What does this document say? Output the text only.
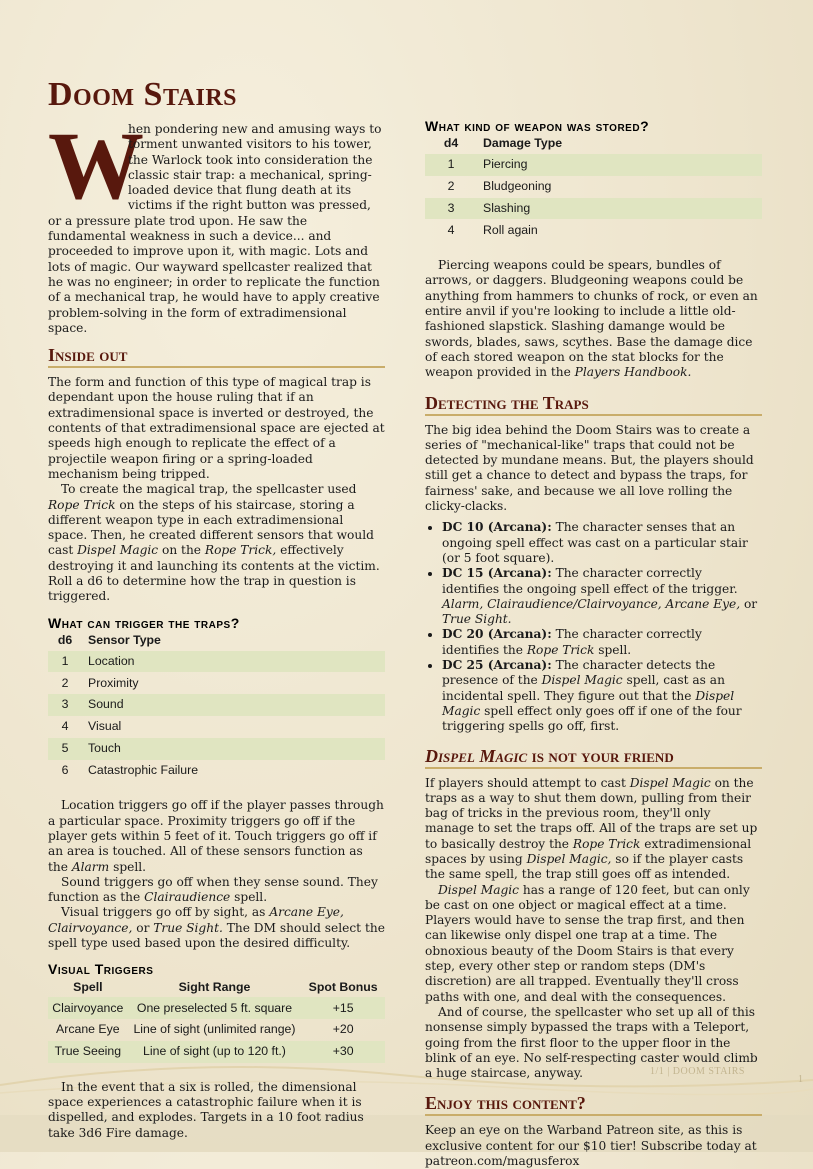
Doom Stairs

W
hen pondering new and amusing ways to torment unwanted visitors to his tower, the Warlock took into consideration the classic stair trap: a mechanical, spring-loaded device that flung death at its victims if the right button was pressed, or a pressure plate trod upon. He saw the fundamental weakness in such a device... and proceeded to improve upon it, with magic. Lots and lots of magic. Our wayward spellcaster realized that he was no engineer; in order to replicate the function of a mechanical trap, he would have to apply creative problem-solving in the form of extradimensional space.

Inside out

The form and function of this type of magical trap is dependant upon the house ruling that if an extradimensional space is inverted or destroyed, the contents of that extradimensional space are ejected at speeds high enough to replicate the effect of a projectile weapon firing or a spring-loaded mechanism being tripped.

To create the magical trap, the spellcaster used Rope Trick on the steps of his staircase, storing a different weapon type in each extradimensional space. Then, he created different sensors that would cast Dispel Magic on the Rope Trick, effectively destroying it and launching its contents at the victim. Roll a d6 to determine how the trap in question is triggered.

What can trigger the traps?
d6	Sensor Type
1	Location
2	Proximity
3	Sound
4	Visual
5	Touch
6	Catastrophic Failure

Location triggers go off if the player passes through a particular space. Proximity triggers go off if the player gets within 5 feet of it. Touch triggers go off if an area is touched. All of these sensors function as the Alarm spell.

Sound triggers go off when they sense sound. They function as the Clairaudience spell.

Visual triggers go off by sight, as Arcane Eye, Clairvoyance, or True Sight. The DM should select the spell type used based upon the desired difficulty.

Visual Triggers
Spell	Sight Range	Spot Bonus
Clairvoyance	One preselected 5 ft. square	+15
Arcane Eye	Line of sight (unlimited range)	+20
True Seeing	Line of sight (up to 120 ft.)	+30

In the event that a six is rolled, the dimensional space experiences a catastrophic failure when it is dispelled, and explodes. Targets in a 10 foot radius take 3d6 Fire damage.

What kind of weapon was stored?
d4	Damage Type
1	Piercing
2	Bludgeoning
3	Slashing
4	Roll again

Piercing weapons could be spears, bundles of arrows, or daggers. Bludgeoning weapons could be anything from hammers to chunks of rock, or even an entire anvil if you're looking to include a little old-fashioned slapstick. Slashing damange would be swords, blades, saws, scythes. Base the damage dice of each stored weapon on the stat blocks for the weapon provided in the Players Handbook.

Detecting the Traps

The big idea behind the Doom Stairs was to create a series of "mechanical-like" traps that could not be detected by mundane means. But, the players should still get a chance to detect and bypass the traps, for fairness' sake, and because we all love rolling the clicky-clacks.

• DC 10 (Arcana): The character senses that an ongoing spell effect was cast on a particular stair (or 5 foot square).
• DC 15 (Arcana): The character correctly identifies the ongoing spell effect of the trigger. Alarm, Clairaudience/Clairvoyance, Arcane Eye, or True Sight.
• DC 20 (Arcana): The character correctly identifies the Rope Trick spell.
• DC 25 (Arcana): The character detects the presence of the Dispel Magic spell, cast as an incidental spell. They figure out that the Dispel Magic spell effect only goes off if one of the four triggering spells go off, first.
Dispel Magic is not your friend

If players should attempt to cast Dispel Magic on the traps as a way to shut them down, pulling from their bag of tricks in the previous room, they'll only manage to set the traps off. All of the traps are set up to basically destroy the Rope Trick extradimensional spaces by using Dispel Magic, so if the player casts the same spell, the trap still goes off as intended.

Dispel Magic has a range of 120 feet, but can only be cast on one object or magical effect at a time. Players would have to sense the trap first, and then can likewise only dispel one trap at a time. The obnoxious beauty of the Doom Stairs is that every step, every other step or random steps (DM's discretion) are all trapped. Eventually they'll cross paths with one, and deal with the consequences.

And of course, the spellcaster who set up all of this nonsense simply bypassed the traps with a Teleport, going from the first floor to the upper floor in the blink of an eye. No self-respecting caster would climb a huge staircase, anyway.

Enjoy this content?

Keep an eye on the Warband Patreon site, as this is exclusive content for our $10 tier! Subscribe today at patreon.com/magusferox

1/1 | DOOM STAIRS
1
